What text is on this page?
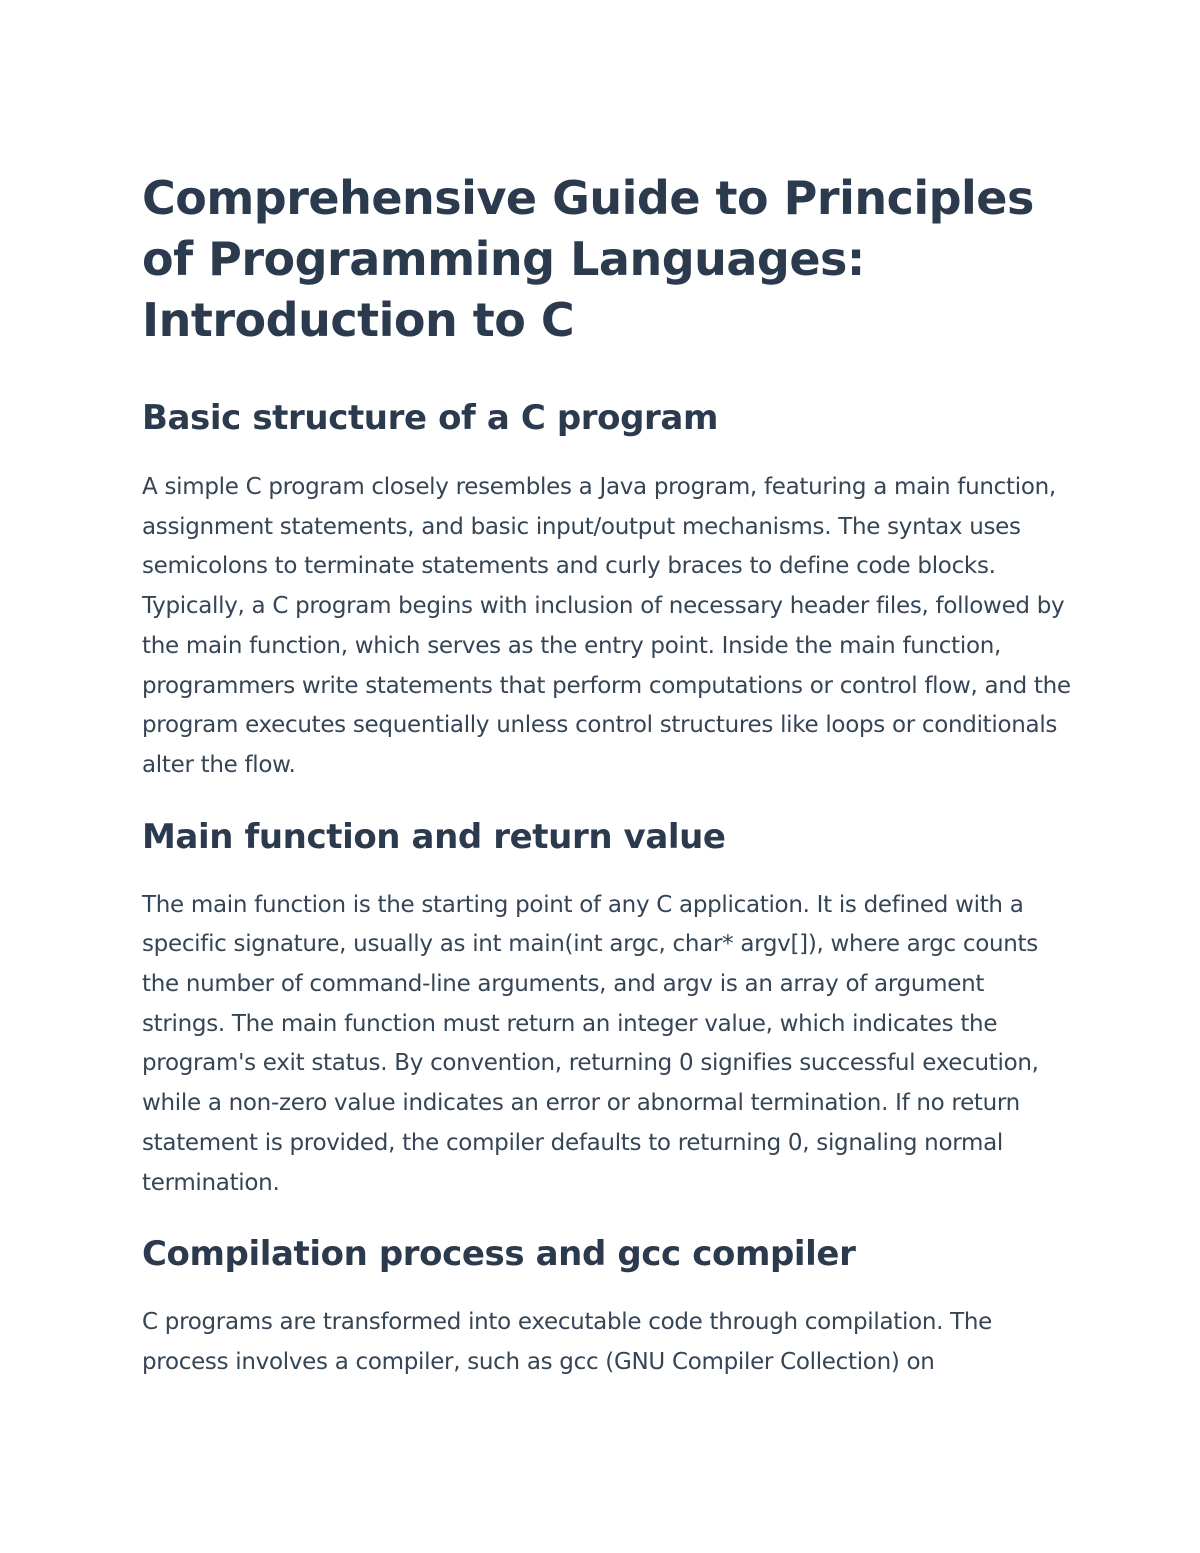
Comprehensive Guide to Principles of Programming Languages: Introduction to C
Basic structure of a C program

A simple C program closely resembles a Java program, featuring a main function, assignment statements, and basic input/output mechanisms. The syntax uses semicolons to terminate statements and curly braces to define code blocks. Typically, a C program begins with inclusion of necessary header files, followed by the main function, which serves as the entry point. Inside the main function, programmers write statements that perform computations or control flow, and the program executes sequentially unless control structures like loops or conditionals alter the flow.

Main function and return value

The main function is the starting point of any C application. It is defined with a specific signature, usually as int main(int argc, char* argv[]), where argc counts the number of command-line arguments, and argv is an array of argument strings. The main function must return an integer value, which indicates the program's exit status. By convention, returning 0 signifies successful execution, while a non-zero value indicates an error or abnormal termination. If no return statement is provided, the compiler defaults to returning 0, signaling normal termination.

Compilation process and gcc compiler

C programs are transformed into executable code through compilation. The process involves a compiler, such as gcc (GNU Compiler Collection) on
